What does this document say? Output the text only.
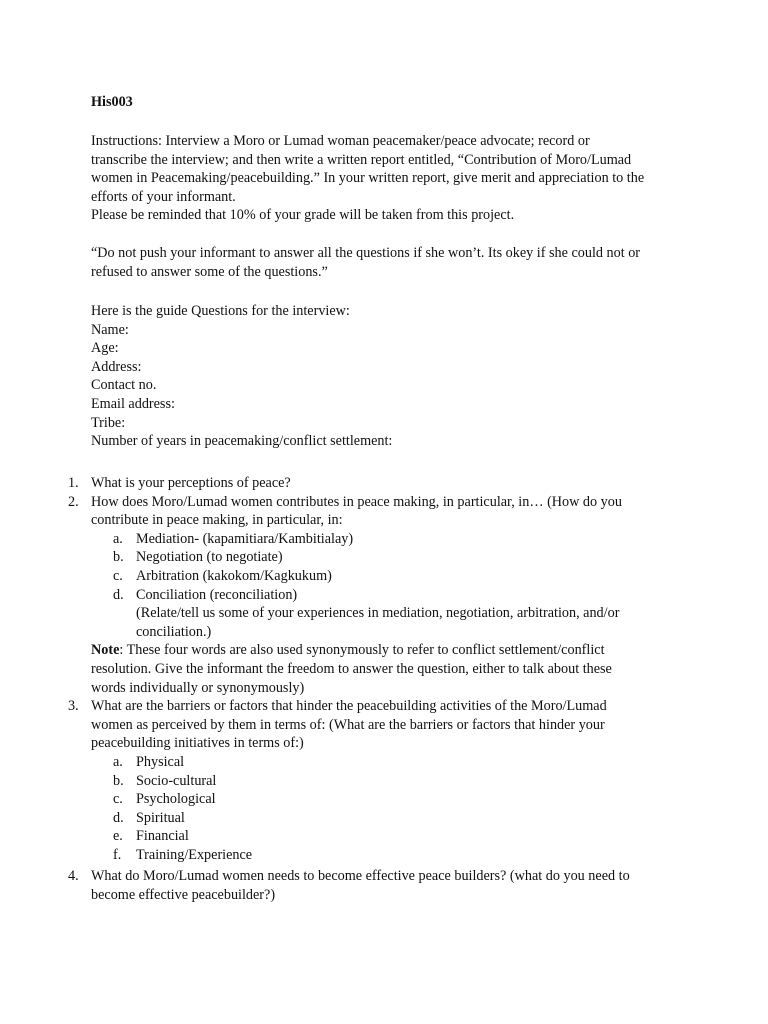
His003
Instructions: Interview a Moro or Lumad woman peacemaker/peace advocate; record or
transcribe the interview; and then write a written report entitled, “Contribution of Moro/Lumad
women in Peacemaking/peacebuilding.” In your written report, give merit and appreciation to the
efforts of your informant.
Please be reminded that 10% of your grade will be taken from this project.
“Do not push your informant to answer all the questions if she won’t. Its okey if she could not or
refused to answer some of the questions.”
Here is the guide Questions for the interview:
Name:
Age:
Address:
Contact no.
Email address:
Tribe:
Number of years in peacemaking/conflict settlement:
1. What is your perceptions of peace?
2. How does Moro/Lumad women contributes in peace making, in particular, in… (How do you
contribute in peace making, in particular, in:
a. Mediation- (kapamitiara/Kambitialay)
b. Negotiation (to negotiate)
c. Arbitration (kakokom/Kagkukum)
d. Conciliation (reconciliation)
(Relate/tell us some of your experiences in mediation, negotiation, arbitration, and/or
conciliation.)
Note: These four words are also used synonymously to refer to conflict settlement/conflict
resolution. Give the informant the freedom to answer the question, either to talk about these
words individually or synonymously)
3. What are the barriers or factors that hinder the peacebuilding activities of the Moro/Lumad
women as perceived by them in terms of: (What are the barriers or factors that hinder your
peacebuilding initiatives in terms of:)
a. Physical
b. Socio-cultural
c. Psychological
d. Spiritual
e. Financial
f. Training/Experience
4. What do Moro/Lumad women needs to become effective peace builders? (what do you need to
become effective peacebuilder?)
